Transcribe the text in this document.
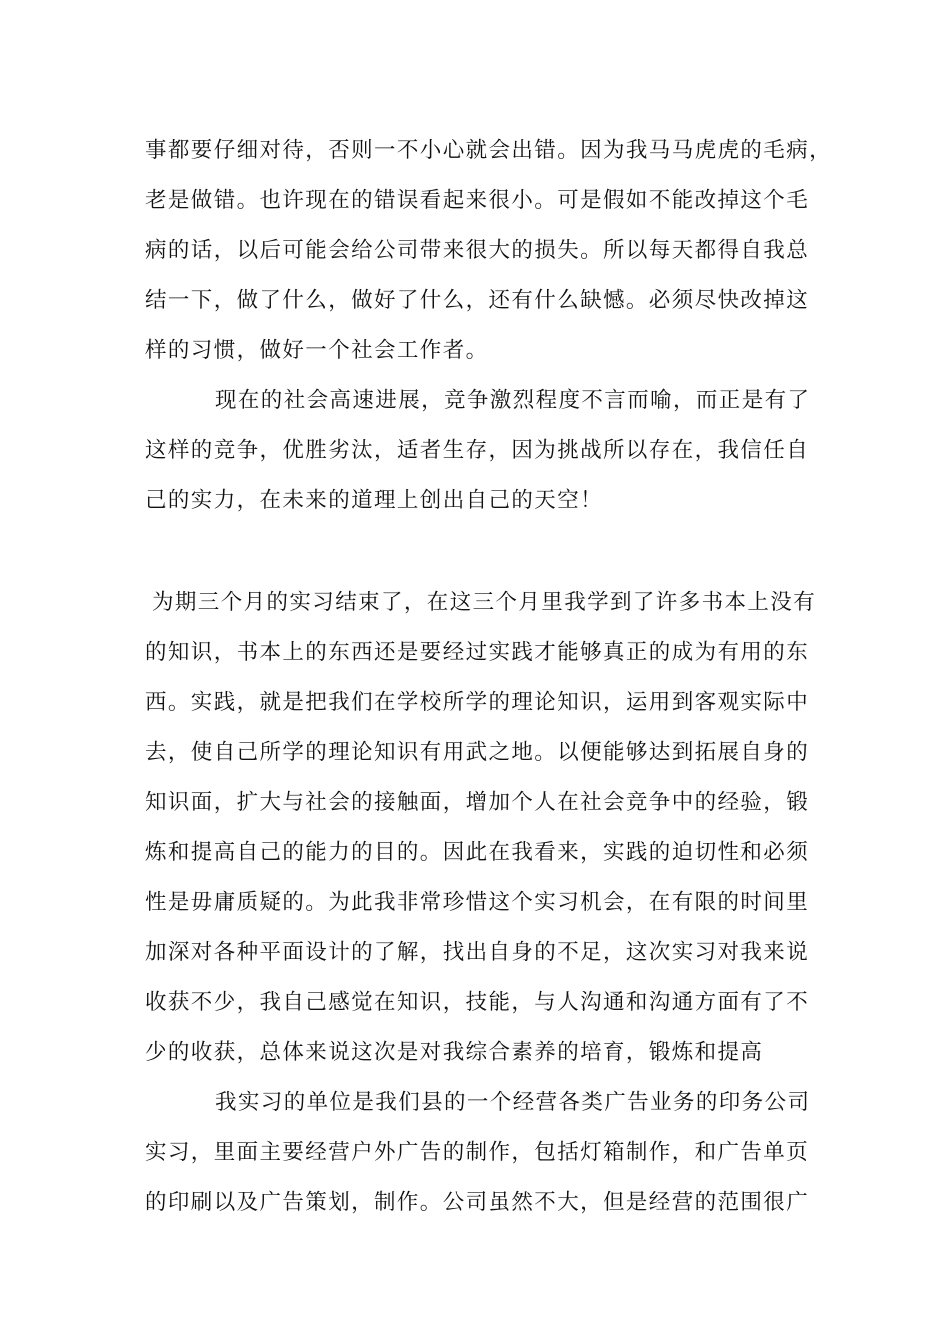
事都要仔细对待，否则一不小心就会出错。因为我马马虎虎的毛病，

老是做错。也许现在的错误看起来很小。可是假如不能改掉这个毛

病的话，以后可能会给公司带来很大的损失。所以每天都得自我总

结一下，做了什么，做好了什么，还有什么缺憾。必须尽快改掉这

样的习惯，做好一个社会工作者。

现在的社会高速进展，竞争激烈程度不言而喻，而正是有了

这样的竞争，优胜劣汰，适者生存，因为挑战所以存在，我信任自

己的实力，在未来的道理上创出自己的天空！

为期三个月的实习结束了，在这三个月里我学到了许多书本上没有

的知识，书本上的东西还是要经过实践才能够真正的成为有用的东

西。实践，就是把我们在学校所学的理论知识，运用到客观实际中

去，使自己所学的理论知识有用武之地。以便能够达到拓展自身的

知识面，扩大与社会的接触面，增加个人在社会竞争中的经验，锻

炼和提高自己的能力的目的。因此在我看来，实践的迫切性和必须

性是毋庸质疑的。为此我非常珍惜这个实习机会，在有限的时间里

加深对各种平面设计的了解，找出自身的不足，这次实习对我来说

收获不少，我自己感觉在知识，技能，与人沟通和沟通方面有了不

少的收获，总体来说这次是对我综合素养的培育，锻炼和提高

我实习的单位是我们县的一个经营各类广告业务的印务公司

实习，里面主要经营户外广告的制作，包括灯箱制作，和广告单页

的印刷以及广告策划，制作。公司虽然不大，但是经营的范围很广
